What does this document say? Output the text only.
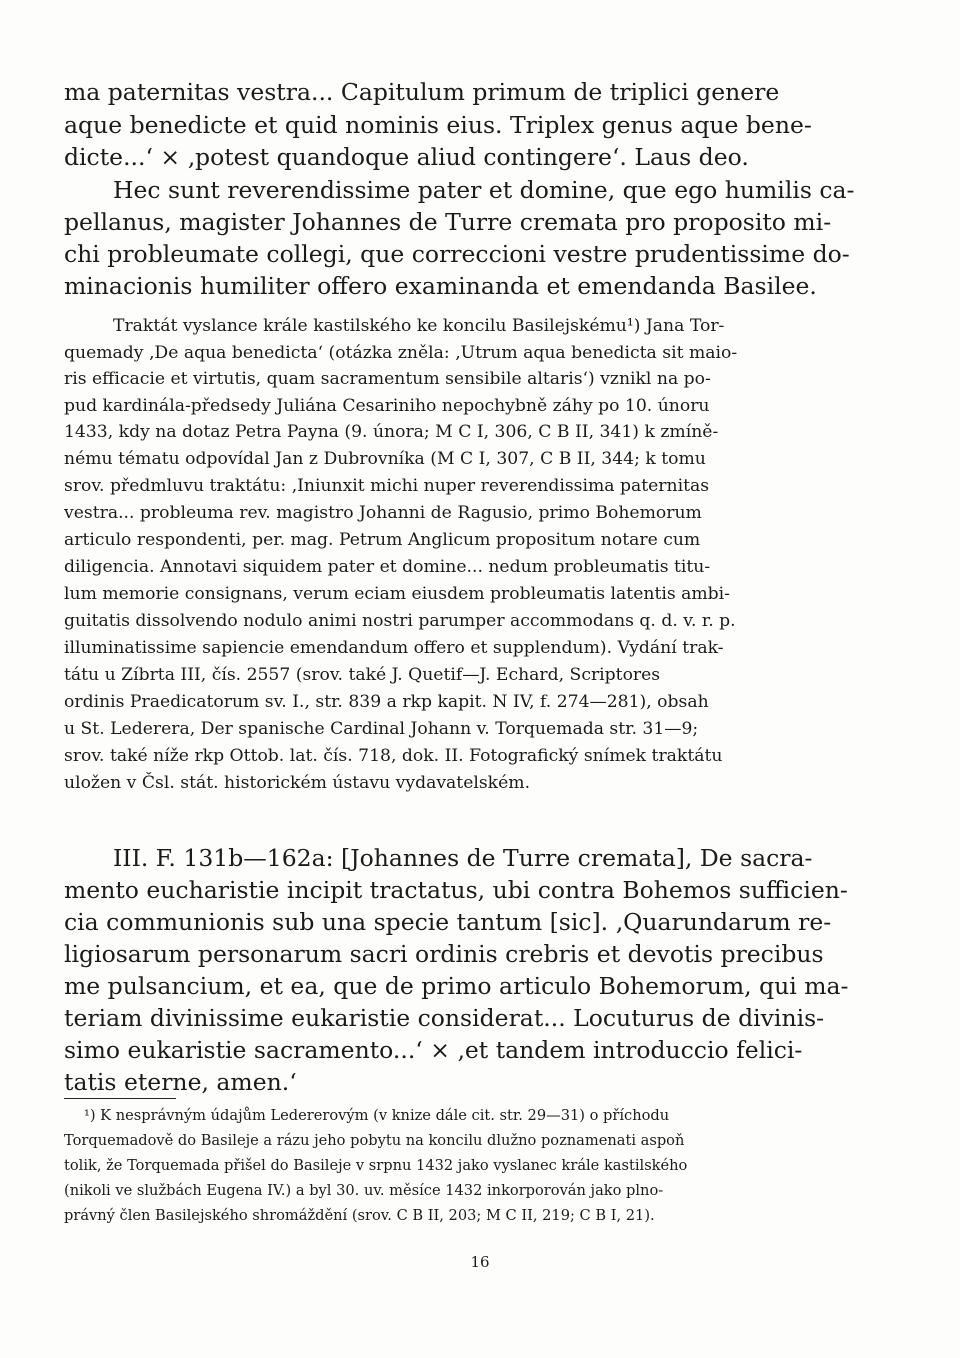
ma paternitas vestra... Capitulum primum de triplici genere
aque benedicte et quid nominis eius. Triplex genus aque bene-
dicte...‘ × ‚potest quandoque aliud contingere‘. Laus deo.
Hec sunt reverendissime pater et domine, que ego humilis ca-
pellanus, magister Johannes de Turre cremata pro proposito mi-
chi probleumate collegi, que correccioni vestre prudentissime do-
minacionis humiliter offero examinanda et emendanda Basilee.
Traktát vyslance krále kastilského ke koncilu Basilejskému¹) Jana Tor-
quemady ‚De aqua benedicta‘ (otázka zněla: ‚Utrum aqua benedicta sit maio-
ris efficacie et virtutis, quam sacramentum sensibile altaris‘) vznikl na po-
pud kardinála-předsedy Juliána Cesariniho nepochybně záhy po 10. únoru
1433, kdy na dotaz Petra Payna (9. února; M C I, 306, C B II, 341) k zmíně-
nému tématu odpovídal Jan z Dubrovníka (M C I, 307, C B II, 344; k tomu
srov. předmluvu traktátu: ‚Iniunxit michi nuper reverendissima paternitas
vestra... probleuma rev. magistro Johanni de Ragusio, primo Bohemorum
articulo respondenti, per. mag. Petrum Anglicum propositum notare cum
diligencia. Annotavi siquidem pater et domine... nedum probleumatis titu-
lum memorie consignans, verum eciam eiusdem probleumatis latentis ambi-
guitatis dissolvendo nodulo animi nostri parumper accommodans q. d. v. r. p.
illuminatissime sapiencie emendandum offero et supplendum). Vydání trak-
tátu u Zíbrta III, čís. 2557 (srov. také J. Quetif—J. Echard, Scriptores
ordinis Praedicatorum sv. I., str. 839 a rkp kapit. N IV, f. 274—281), obsah
u St. Lederera, Der spanische Cardinal Johann v. Torquemada str. 31—9;
srov. také níže rkp Ottob. lat. čís. 718, dok. II. Fotografický snímek traktátu
uložen v Čsl. stát. historickém ústavu vydavatelském.
III. F. 131b—162a: [Johannes de Turre cremata], De sacra-
mento eucharistie incipit tractatus, ubi contra Bohemos sufficien-
cia communionis sub una specie tantum [sic]. ‚Quarundarum re-
ligiosarum personarum sacri ordinis crebris et devotis precibus
me pulsancium, et ea, que de primo articulo Bohemorum, qui ma-
teriam divinissime eukaristie considerat... Locuturus de divinis-
simo eukaristie sacramento...‘ × ‚et tandem introduccio felici-
tatis eterne, amen.‘
¹) K nesprávným údajům Ledererovým (v knize dále cit. str. 29—31) o příchodu
Torquemadově do Basileje a rázu jeho pobytu na koncilu dlužno poznamenati aspoň
tolik, že Torquemada přišel do Basileje v srpnu 1432 jako vyslanec krále kastilského
(nikoli ve službách Eugena IV.) a byl 30. uv. měsíce 1432 inkorporován jako plno-
právný člen Basilejského shromáždění (srov. C B II, 203; M C II, 219; C B I, 21).
16
